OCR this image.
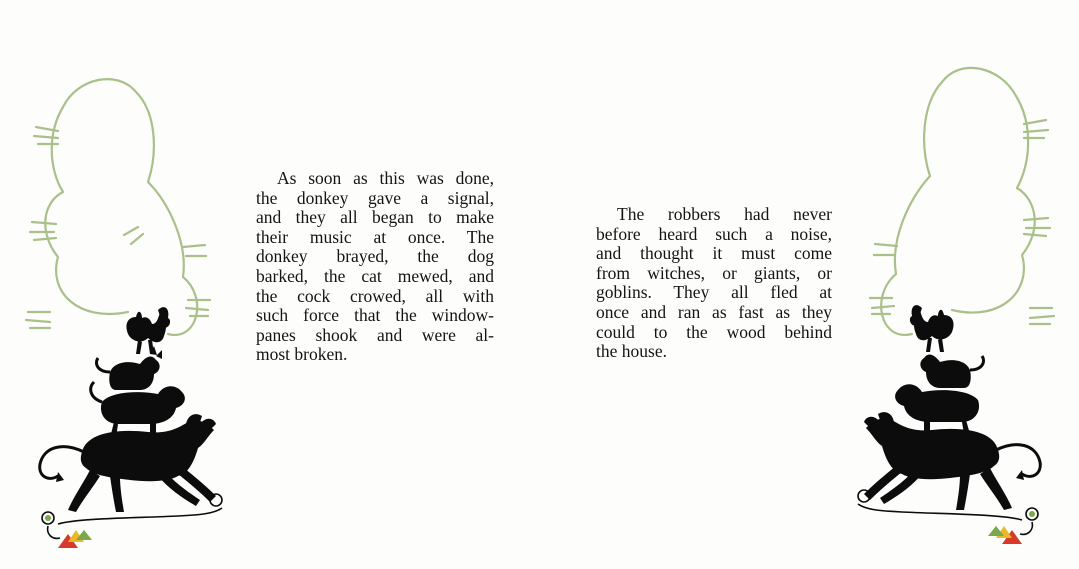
As soon as this was done,
the donkey gave a signal,
and they all began to make
their music at once. The
donkey brayed, the dog
barked, the cat mewed, and
the cock crowed, all with
such force that the window-
panes shook and were al-
most broken.
The robbers had never
before heard such a noise,
and thought it must come
from witches, or giants, or
goblins. They all fled at
once and ran as fast as they
could to the wood behind
the house.
